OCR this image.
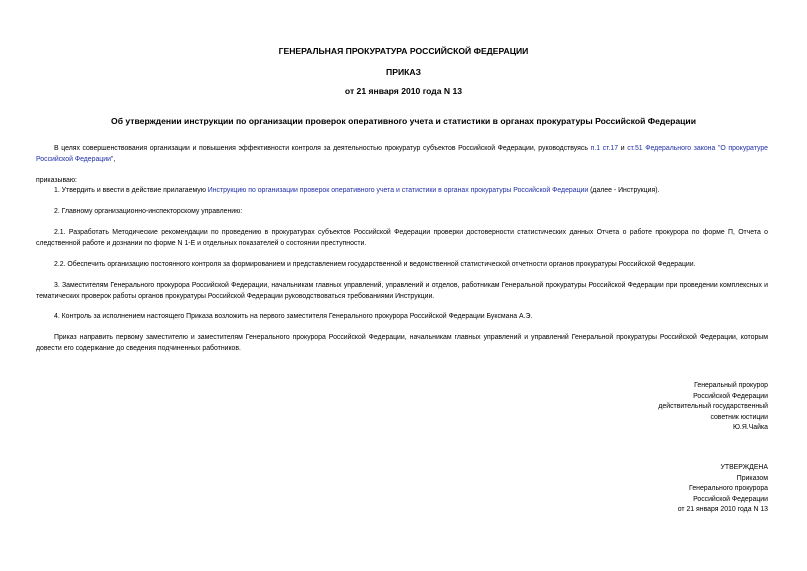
ГЕНЕРАЛЬНАЯ ПРОКУРАТУРА РОССИЙСКОЙ ФЕДЕРАЦИИ
ПРИКАЗ
от 21 января 2010 года N 13
Об утверждении инструкции по организации проверок оперативного учета и статистики в органах прокуратуры Российской Федерации
В целях совершенствования организации и повышения эффективности контроля за деятельностью прокуратур субъектов Российской Федерации, руководствуясь п.1 ст.17 и ст.51 Федерального закона "О прокуратуре Российской Федерации",
приказываю:
1. Утвердить и ввести в действие прилагаемую Инструкцию по организации проверок оперативного учета и статистики в органах прокуратуры Российской Федерации (далее - Инструкция).
2. Главному организационно-инспекторскому управлению:
2.1. Разработать Методические рекомендации по проведению в прокуратурах субъектов Российской Федерации проверки достоверности статистических данных Отчета о работе прокурора по форме П, Отчета о следственной работе и дознании по форме N 1-Е и отдельных показателей о состоянии преступности.
2.2. Обеспечить организацию постоянного контроля за формированием и представлением государственной и ведомственной статистической отчетности органов прокуратуры Российской Федерации.
3. Заместителям Генерального прокурора Российской Федерации, начальникам главных управлений, управлений и отделов, работникам Генеральной прокуратуры Российской Федерации при проведении комплексных и тематических проверок работы органов прокуратуры Российской Федерации руководствоваться требованиями Инструкции.
4. Контроль за исполнением настоящего Приказа возложить на первого заместителя Генерального прокурора Российской Федерации Буксмана А.Э.
Приказ направить первому заместителю и заместителям Генерального прокурора Российской Федерации, начальникам главных управлений и управлений Генеральной прокуратуры Российской Федерации, которым довести его содержание до сведения подчиненных работников.
Генеральный прокурор
Российской Федерации
действительный государственный
советник юстиции
Ю.Я.Чайка
УТВЕРЖДЕНА
Приказом
Генерального прокурора
Российской Федерации
от 21 января 2010 года N 13
